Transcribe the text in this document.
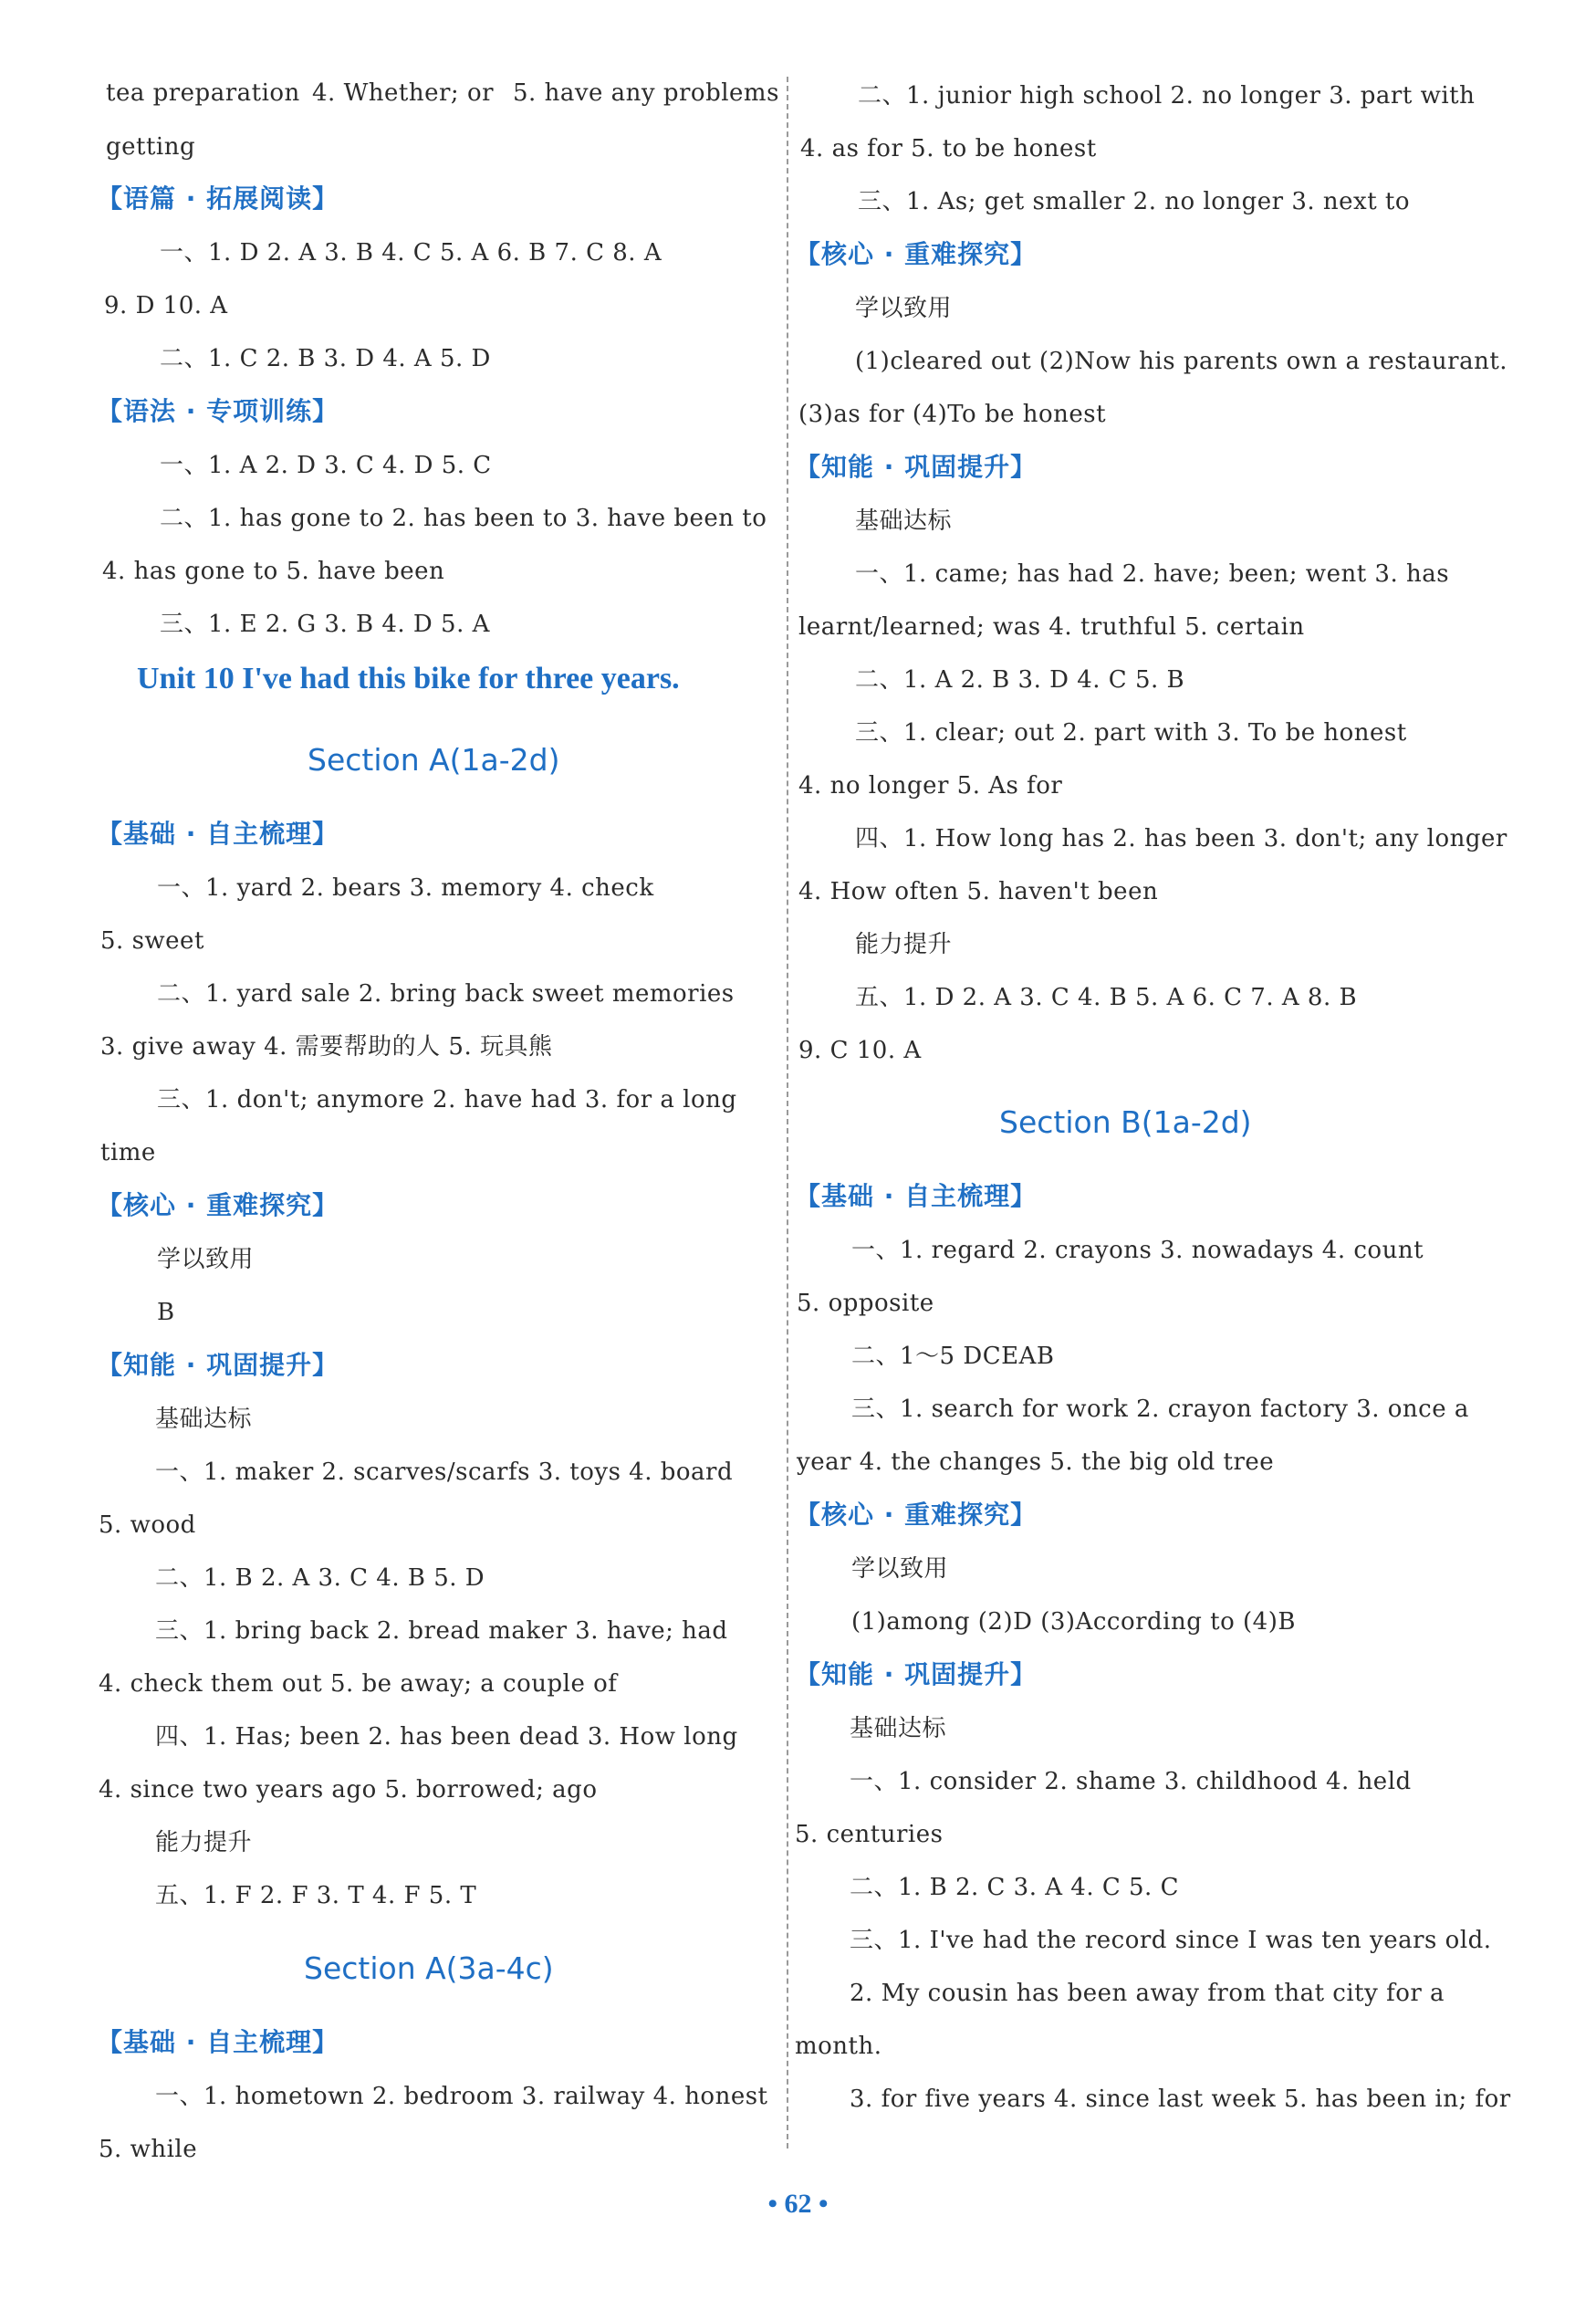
tea preparation 4. Whether; or 5. have any problems
getting
【语篇 · 拓展阅读】
一、1. D 2. A 3. B 4. C 5. A 6. B 7. C 8. A
9. D 10. A
二、1. C 2. B 3. D 4. A 5. D
【语法 · 专项训练】
一、1. A 2. D 3. C 4. D 5. C
二、1. has gone to 2. has been to 3. have been to
4. has gone to 5. have been
三、1. E 2. G 3. B 4. D 5. A
Unit 10 I've had this bike for three years.
Section A(1a-2d)
【基础 · 自主梳理】
一、1. yard 2. bears 3. memory 4. check
5. sweet
二、1. yard sale 2. bring back sweet memories
3. give away 4. 需要帮助的人 5. 玩具熊
三、1. don't; anymore 2. have had 3. for a long
time
【核心 · 重难探究】
学以致用
B
【知能 · 巩固提升】
基础达标
一、1. maker 2. scarves/scarfs 3. toys 4. board
5. wood
二、1. B 2. A 3. C 4. B 5. D
三、1. bring back 2. bread maker 3. have; had
4. check them out 5. be away; a couple of
四、1. Has; been 2. has been dead 3. How long
4. since two years ago 5. borrowed; ago
能力提升
五、1. F 2. F 3. T 4. F 5. T
Section A(3a-4c)
【基础 · 自主梳理】
一、1. hometown 2. bedroom 3. railway 4. honest
5. while
二、1. junior high school 2. no longer 3. part with
4. as for 5. to be honest
三、1. As; get smaller 2. no longer 3. next to
【核心 · 重难探究】
学以致用
(1)cleared out (2)Now his parents own a restaurant.
(3)as for (4)To be honest
【知能 · 巩固提升】
基础达标
一、1. came; has had 2. have; been; went 3. has
learnt/learned; was 4. truthful 5. certain
二、1. A 2. B 3. D 4. C 5. B
三、1. clear; out 2. part with 3. To be honest
4. no longer 5. As for
四、1. How long has 2. has been 3. don't; any longer
4. How often 5. haven't been
能力提升
五、1. D 2. A 3. C 4. B 5. A 6. C 7. A 8. B
9. C 10. A
Section B(1a-2d)
【基础 · 自主梳理】
一、1. regard 2. crayons 3. nowadays 4. count
5. opposite
二、1～5 DCEAB
三、1. search for work 2. crayon factory 3. once a
year 4. the changes 5. the big old tree
【核心 · 重难探究】
学以致用
(1)among (2)D (3)According to (4)B
【知能 · 巩固提升】
基础达标
一、1. consider 2. shame 3. childhood 4. held
5. centuries
二、1. B 2. C 3. A 4. C 5. C
三、1. I've had the record since I was ten years old.
2. My cousin has been away from that city for a
month.
3. for five years 4. since last week 5. has been in; for
• 62 •
